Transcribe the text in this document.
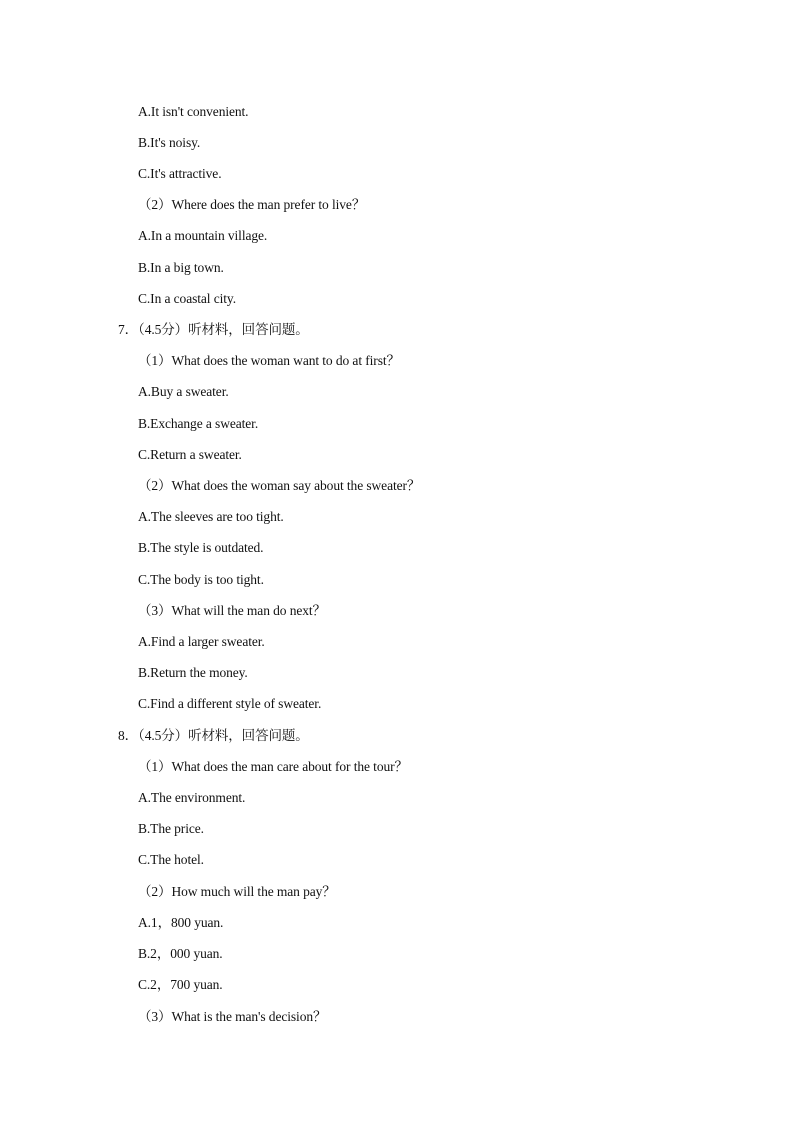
A.It isn't convenient.
B.It's noisy.
C.It's attractive.
（2）Where does the man prefer to live？
A.In a mountain village.
B.In a big town.
C.In a coastal city.
7．（4.5分）听材料，回答问题。
（1）What does the woman want to do at first？
A.Buy a sweater.
B.Exchange a sweater.
C.Return a sweater.
（2）What does the woman say about the sweater？
A.The sleeves are too tight.
B.The style is outdated.
C.The body is too tight.
（3）What will the man do next？
A.Find a larger sweater.
B.Return the money.
C.Find a different style of sweater.
8．（4.5分）听材料，回答问题。
（1）What does the man care about for the tour？
A.The environment.
B.The price.
C.The hotel.
（2）How much will the man pay？
A.1，800 yuan.
B.2，000 yuan.
C.2，700 yuan.
（3）What is the man's decision？
